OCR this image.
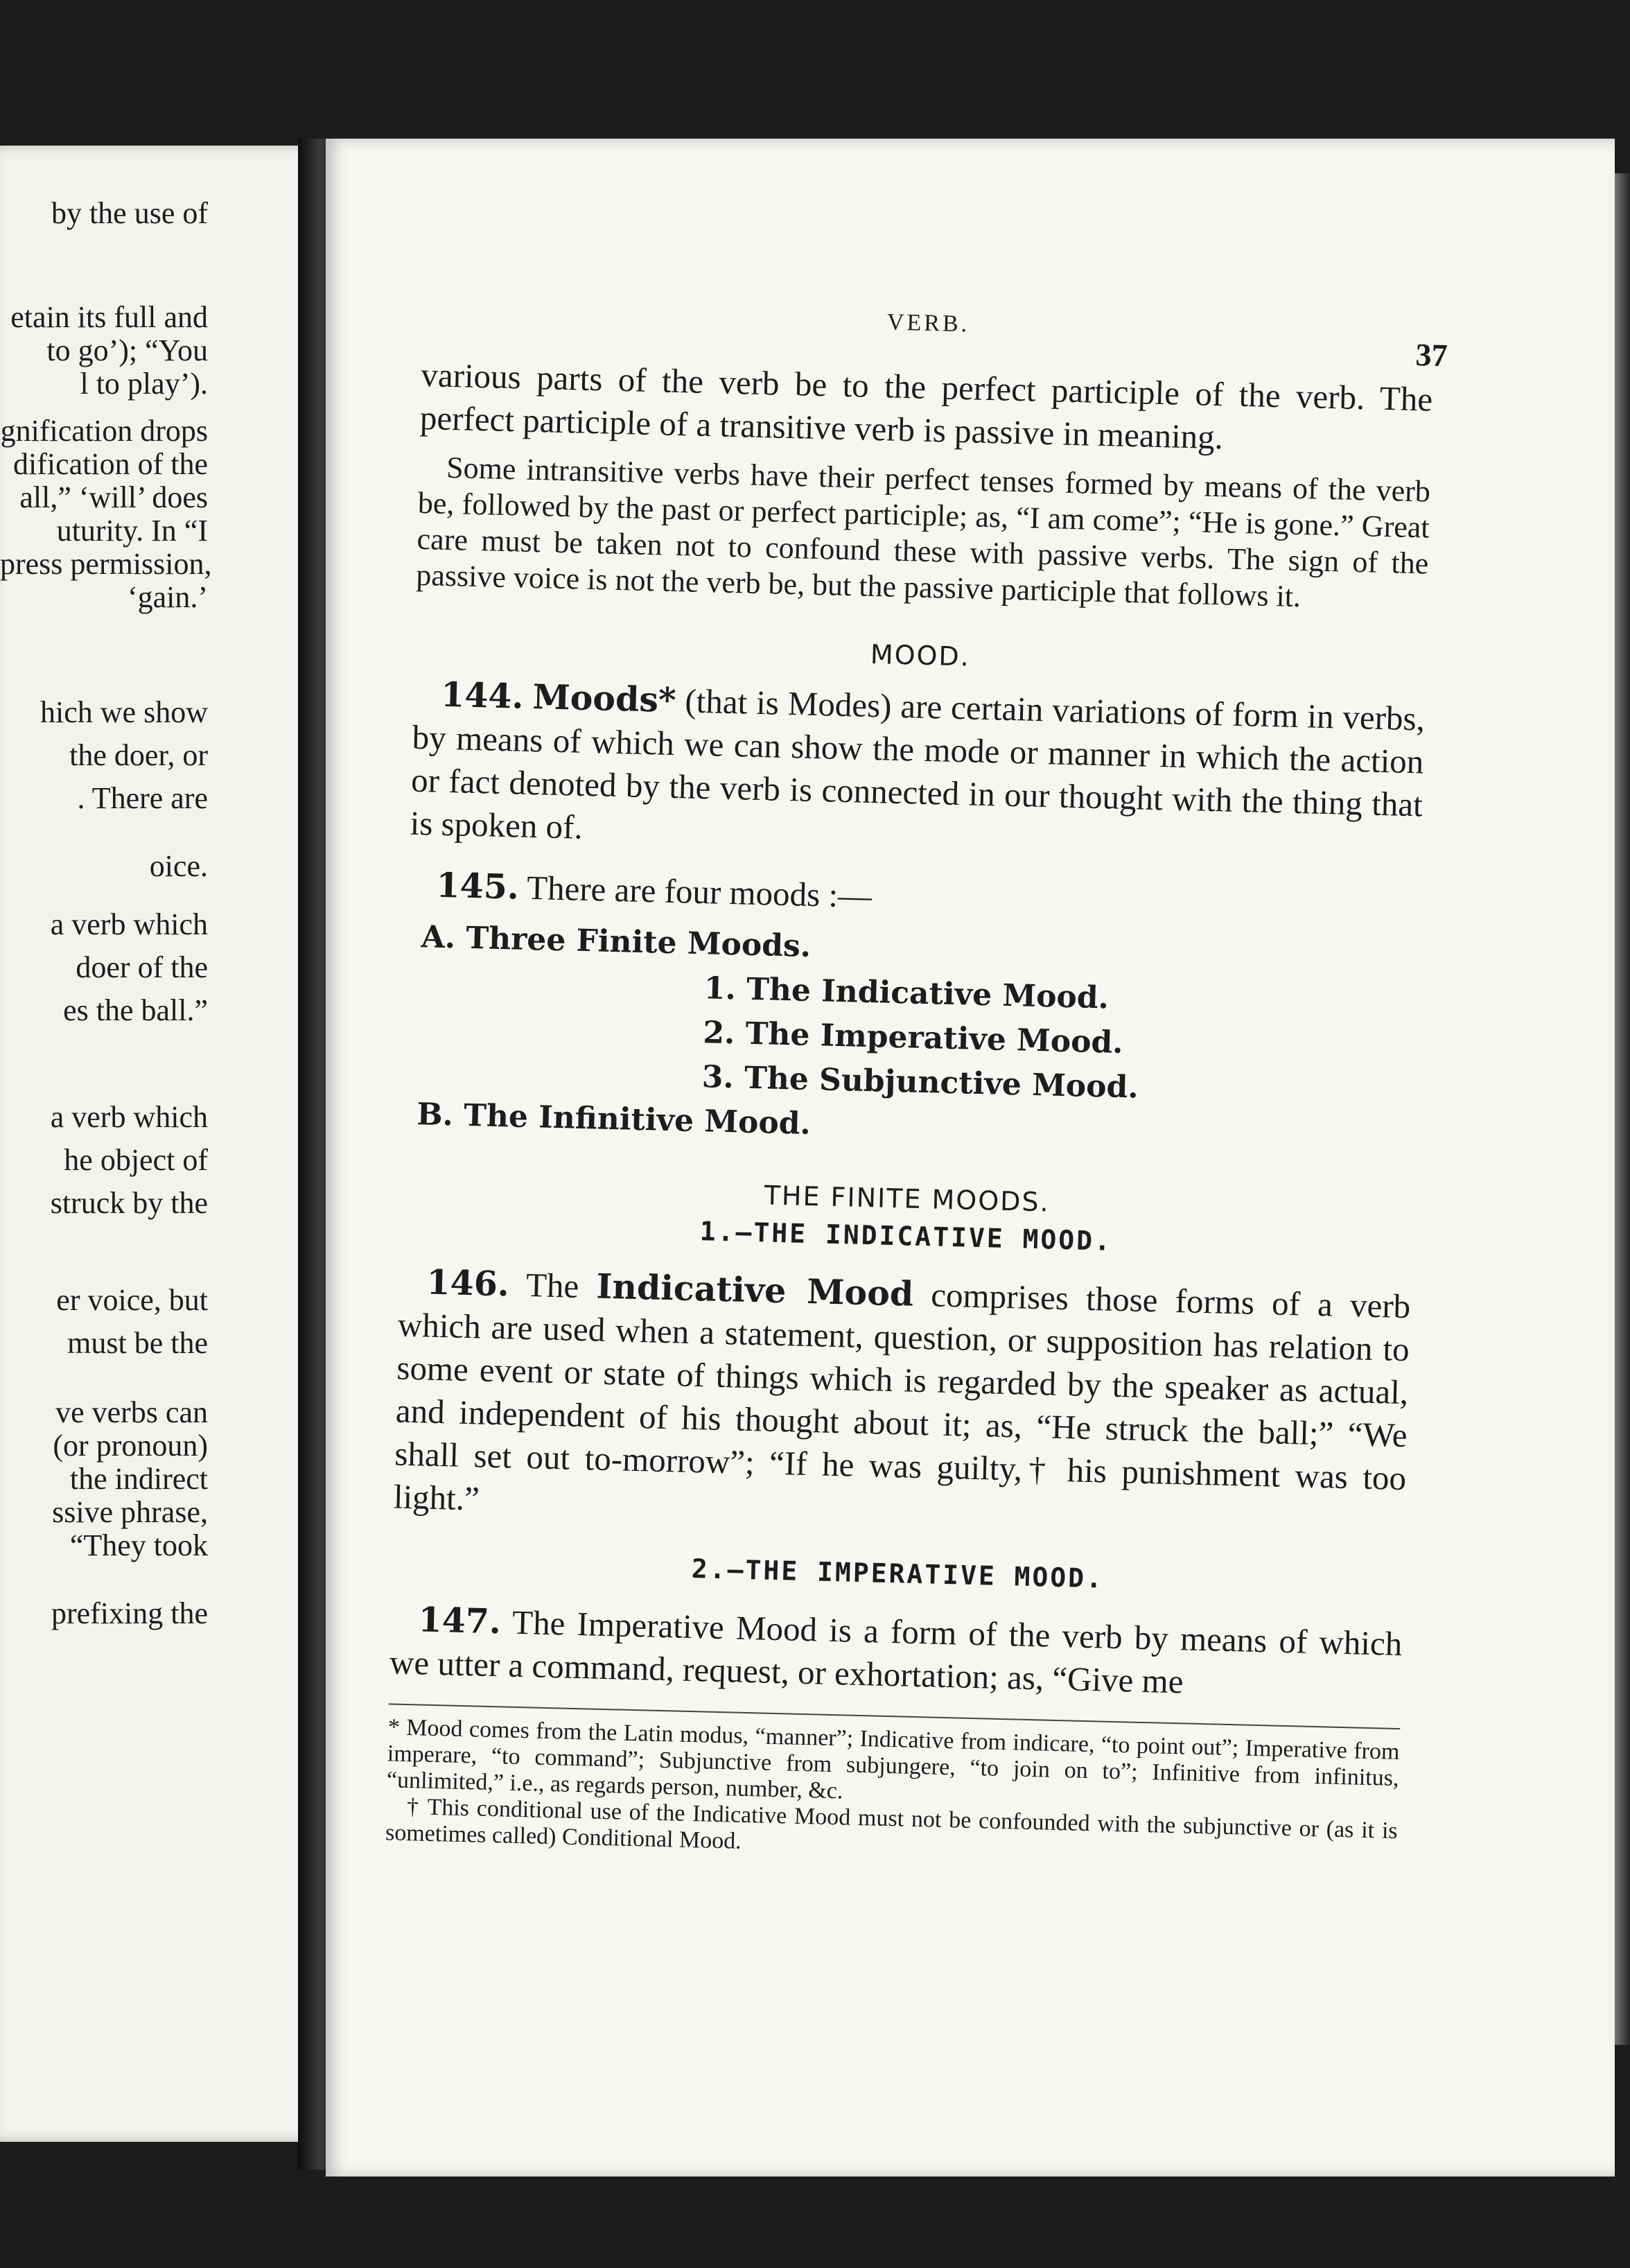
by the use of
etain its full and
to go’); “You
l to play’).
gnification drops
dification of the
all,” ‘will’ does
uturity. In “I
press permission,
‘gain.’
hich we show
the doer, or
. There are
oice.
a verb which
doer of the
es the ball.”
a verb which
he object of
struck by the
er voice, but
must be the
ve verbs can
(or pronoun)
the indirect
ssive phrase,
“They took
prefixing the
VERB.
37

various parts of the verb be to the perfect participle of the verb. The perfect participle of a transitive verb is passive in meaning.

Some intransitive verbs have their perfect tenses formed by means of the verb be, followed by the past or perfect participle; as, “I am come”; “He is gone.” Great care must be taken not to confound these with passive verbs. The sign of the passive voice is not the verb be, but the passive participle that follows it.

MOOD.

144. Moods* (that is Modes) are certain variations of form in verbs, by means of which we can show the mode or manner in which the action or fact denoted by the verb is connected in our thought with the thing that is spoken of.

145. There are four moods :—

A. Three Finite Moods.
1. The Indicative Mood.
2. The Imperative Mood.
3. The Subjunctive Mood.
B. The Infinitive Mood.
THE FINITE MOODS.
1.—THE INDICATIVE MOOD.

146. The Indicative Mood comprises those forms of a verb which are used when a statement, question, or supposition has relation to some event or state of things which is regarded by the speaker as actual, and independent of his thought about it; as, “He struck the ball;” “We shall set out to-morrow”; “If he was guilty,† his punishment was too light.”

2.—THE IMPERATIVE MOOD.

147. The Imperative Mood is a form of the verb by means of which we utter a command, request, or exhortation; as, “Give me

* Mood comes from the Latin modus, “manner”; Indicative from indicare, “to point out”; Imperative from imperare, “to command”; Subjunctive from subjungere, “to join on to”; Infinitive from infinitus, “unlimited,” i.e., as regards person, number, &c.

† This conditional use of the Indicative Mood must not be confounded with the subjunctive or (as it is sometimes called) Conditional Mood.
